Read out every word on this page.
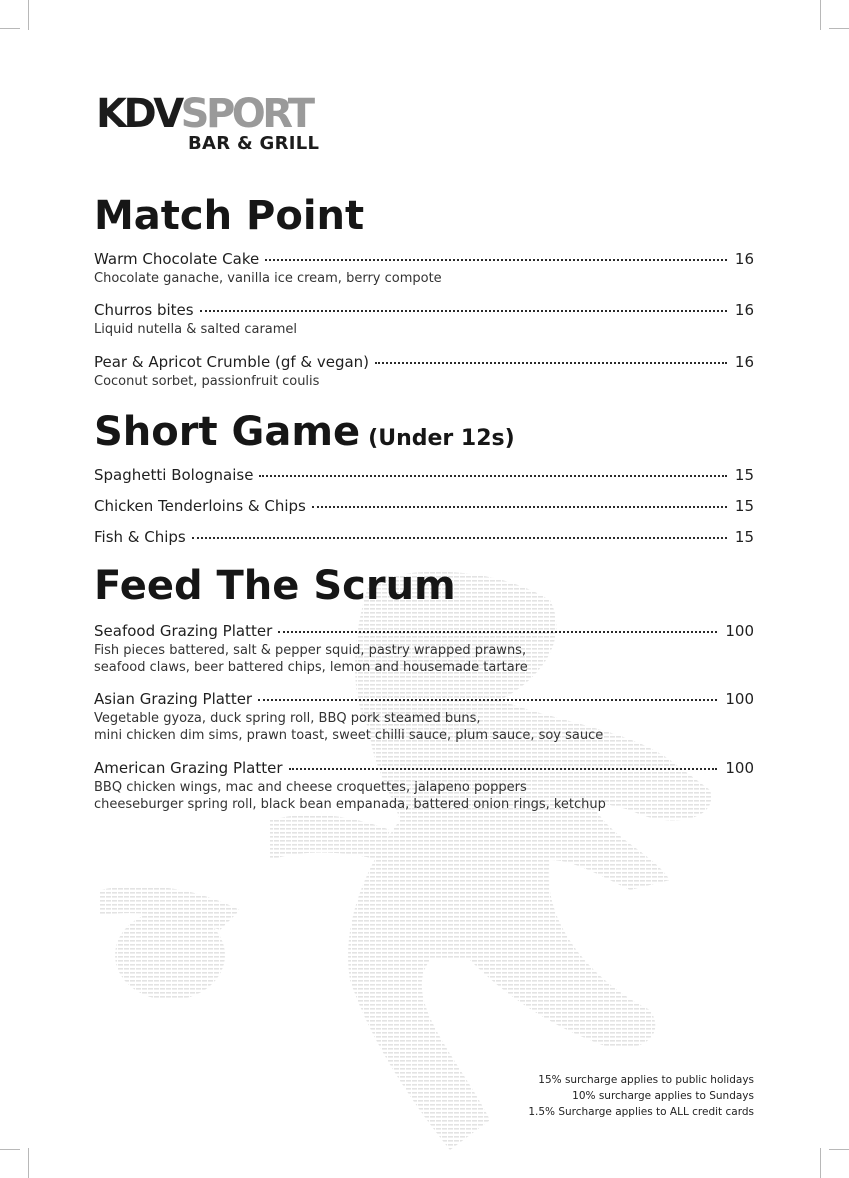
KDVSPORT
BAR & GRILL
Match Point
Warm Chocolate Cake	16
Chocolate ganache, vanilla ice cream, berry compote
Churros bites	16
Liquid nutella & salted caramel
Pear & Apricot Crumble (gf & vegan)	16
Coconut sorbet, passionfruit coulis
Short Game (Under 12s)
Spaghetti Bolognaise	15
Chicken Tenderloins & Chips	15
Fish & Chips	15
Feed The Scrum
Seafood Grazing Platter	100
Fish pieces battered, salt & pepper squid, pastry wrapped prawns,
seafood claws, beer battered chips, lemon and housemade tartare
Asian Grazing Platter	100
Vegetable gyoza, duck spring roll, BBQ pork steamed buns,
mini chicken dim sims, prawn toast, sweet chilli sauce, plum sauce, soy sauce
American Grazing Platter	100
BBQ chicken wings, mac and cheese croquettes, jalapeno poppers
cheeseburger spring roll, black bean empanada, battered onion rings, ketchup
15% surcharge applies to public holidays
10% surcharge applies to Sundays
1.5% Surcharge applies to ALL credit cards
